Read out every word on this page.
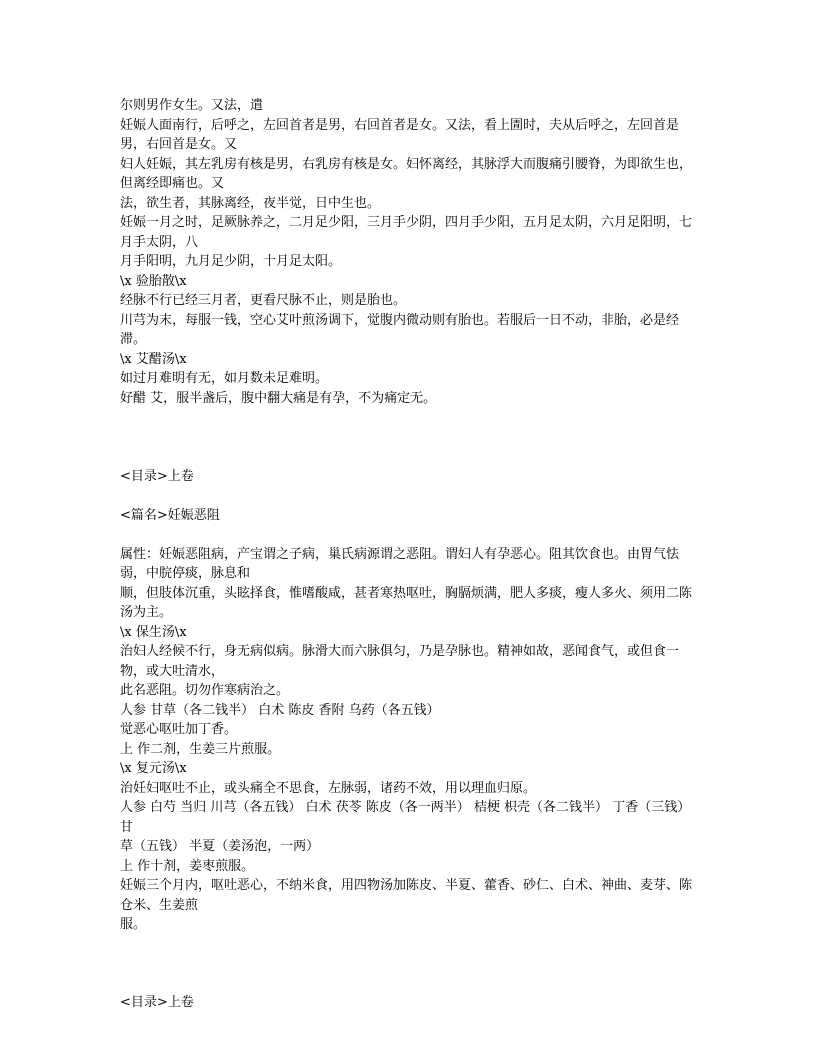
尔则男作女生。又法，遣
妊娠人面南行，后呼之，左回首者是男，右回首者是女。又法，看上圊时，夫从后呼之，左回首是男，右回首是女。又
妇人妊娠，其左乳房有核是男，右乳房有核是女。妇怀离经，其脉浮大而腹痛引腰脊，为即欲生也，但离经即痛也。又
法，欲生者，其脉离经，夜半觉，日中生也。
妊娠一月之时，足厥脉养之，二月足少阳，三月手少阴，四月手少阳，五月足太阴，六月足阳明，七月手太阴，八
月手阳明，九月足少阴，十月足太阳。
\x 验胎散\x
经脉不行已经三月者，更看尺脉不止，则是胎也。
川芎为末，每服一钱，空心艾叶煎汤调下，觉腹内微动则有胎也。若服后一日不动，非胎，必是经滞。
\x 艾醋汤\x
如过月难明有无，如月数未足难明。
好醋 艾，服半盏后，腹中翻大痛是有孕，不为痛定无。
<目录>上卷
<篇名>妊娠恶阻
属性：妊娠恶阻病，产宝谓之子病，巢氏病源谓之恶阻。谓妇人有孕恶心。阻其饮食也。由胃气怯弱，中脘停痰，脉息和
顺，但肢体沉重，头眩择食，惟嗜酸咸，甚者寒热呕吐，胸膈烦满，肥人多痰，瘦人多火、须用二陈汤为主。
\x 保生汤\x
治妇人经候不行，身无病似病。脉滑大而六脉俱匀，乃是孕脉也。精神如故，恶闻食气，或但食一物，或大吐清水，
此名恶阻。切勿作寒病治之。
人参 甘草（各二钱半） 白术 陈皮 香附 乌药（各五钱）
觉恶心呕吐加丁香。
上 作二剂，生姜三片煎服。
\x 复元汤\x
治妊妇呕吐不止，或头痛全不思食，左脉弱，诸药不效，用以理血归原。
人参 白芍 当归 川芎（各五钱） 白术 茯苓 陈皮（各一两半） 桔梗 枳壳（各二钱半） 丁香（三钱） 甘
草（五钱） 半夏（姜汤泡，一两）
上 作十剂，姜枣煎服。
妊娠三个月内，呕吐恶心，不纳米食，用四物汤加陈皮、半夏、藿香、砂仁、白术、神曲、麦芽、陈仓米、生姜煎
服。
<目录>上卷
